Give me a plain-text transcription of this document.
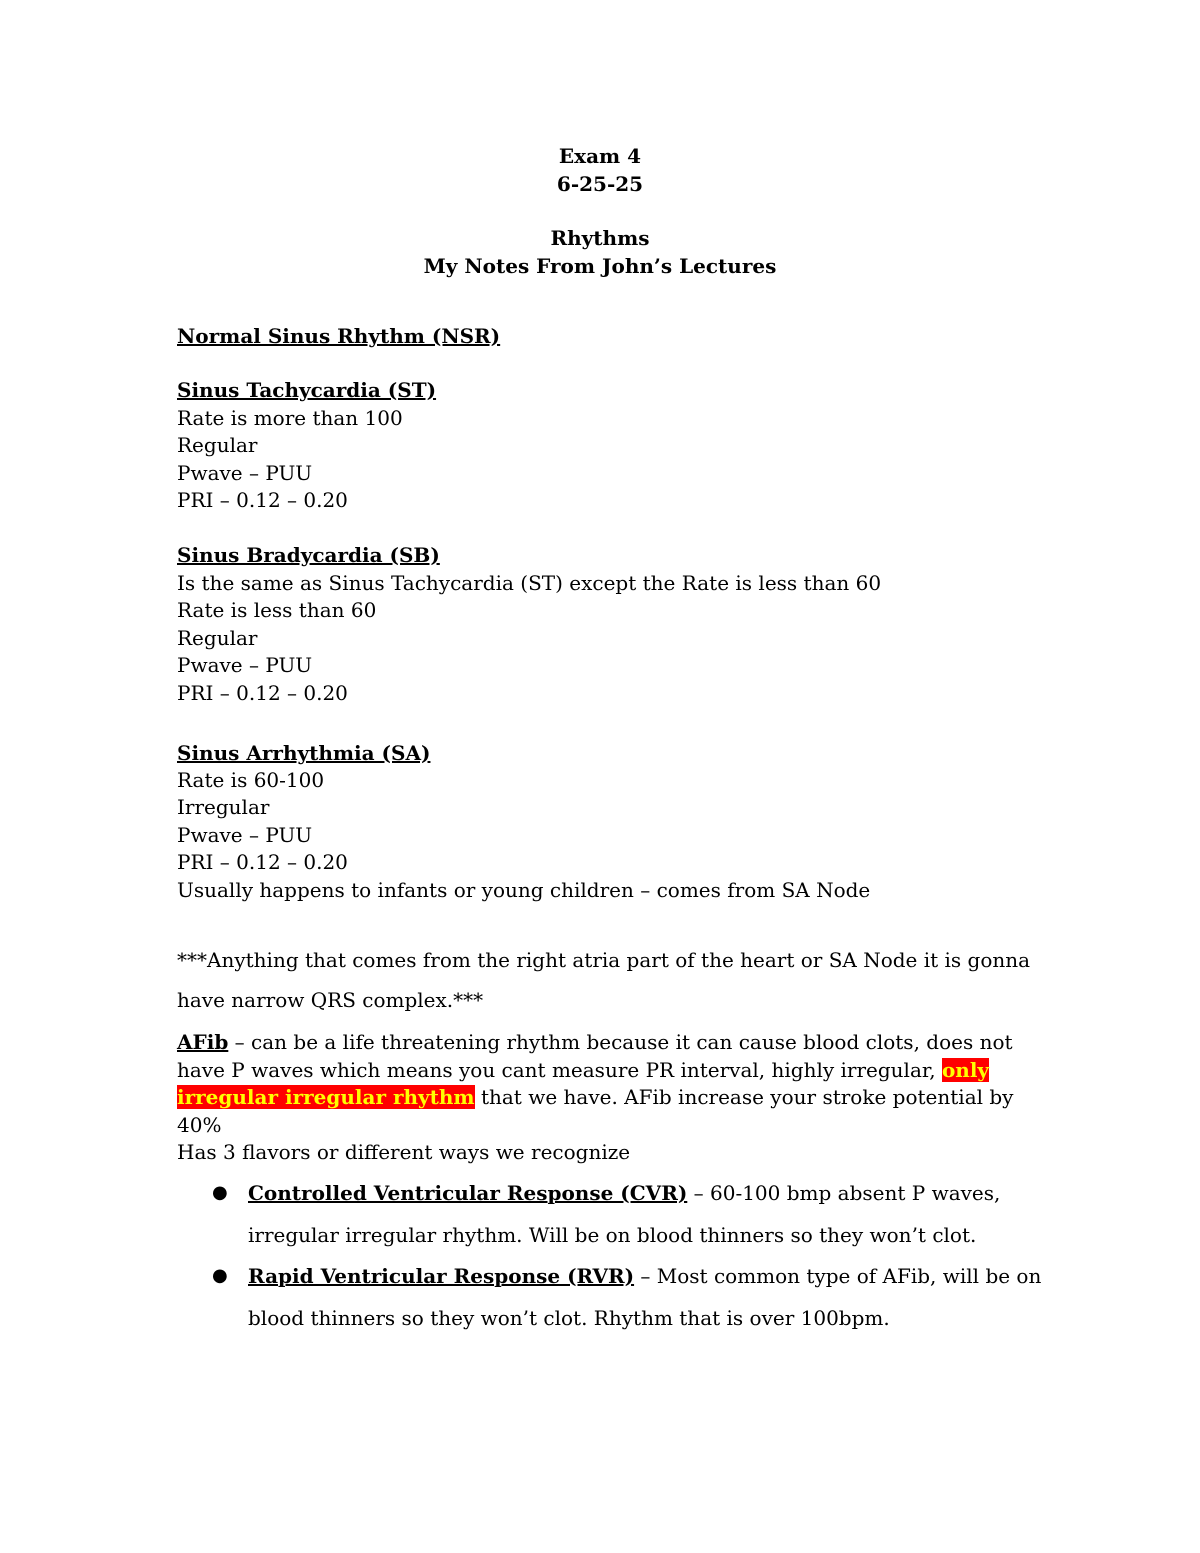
Exam 4
6-25-25
Rhythms
My Notes From John’s Lectures
Normal Sinus Rhythm (NSR)
Sinus Tachycardia (ST)
Rate is more than 100
Regular
Pwave – PUU
PRI – 0.12 – 0.20
Sinus Bradycardia (SB)
Is the same as Sinus Tachycardia (ST) except the Rate is less than 60
Rate is less than 60
Regular
Pwave – PUU
PRI – 0.12 – 0.20
Sinus Arrhythmia (SA)
Rate is 60-100
Irregular
Pwave – PUU
PRI – 0.12 – 0.20
Usually happens to infants or young children – comes from SA Node
***Anything that comes from the right atria part of the heart or SA Node it is gonna
have narrow QRS complex.***
AFib – can be a life threatening rhythm because it can cause blood clots, does not
have P waves which means you cant measure PR interval, highly irregular, only
irregular irregular rhythm that we have. AFib increase your stroke potential by
40%
Has 3 flavors or different ways we recognize
● Controlled Ventricular Response (CVR) – 60-100 bmp absent P waves,
irregular irregular rhythm. Will be on blood thinners so they won’t clot.
● Rapid Ventricular Response (RVR) – Most common type of AFib, will be on
blood thinners so they won’t clot. Rhythm that is over 100bpm.
